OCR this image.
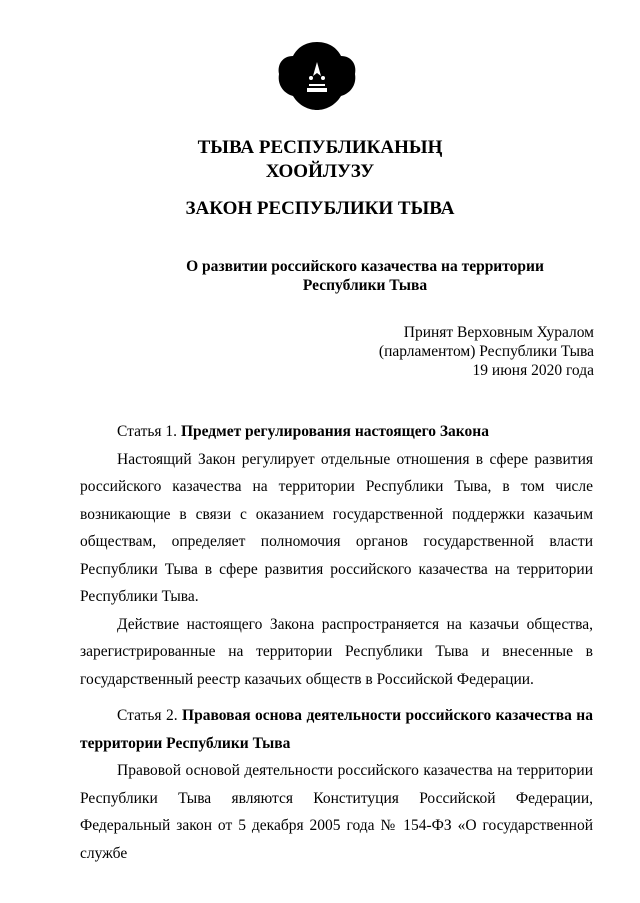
ТЫВА РЕСПУБЛИКАНЫҢ
ХООЙЛУЗУ
ЗАКОН РЕСПУБЛИКИ ТЫВА
О развитии российского казачества на территории
Республики Тыва
Принят Верховным Хуралом
(парламентом) Республики Тыва
19 июня 2020 года

Статья 1. Предмет регулирования настоящего Закона

Настоящий Закон регулирует отдельные отношения в сфере развития российского казачества на территории Республики Тыва, в том числе возникающие в связи с оказанием государственной поддержки казачьим обществам, определяет полномочия органов государственной власти Республики Тыва в сфере развития российского казачества на территории Республики Тыва.

Действие настоящего Закона распространяется на казачьи общества, зарегистрированные на территории Республики Тыва и внесенные в государственный реестр казачьих обществ в Российской Федерации.

Статья 2. Правовая основа деятельности российского казачества на территории Республики Тыва

Правовой основой деятельности российского казачества на территории Республики Тыва являются Конституция Российской Федерации, Федеральный закон от 5 декабря 2005 года № 154-ФЗ «О государственной службе
